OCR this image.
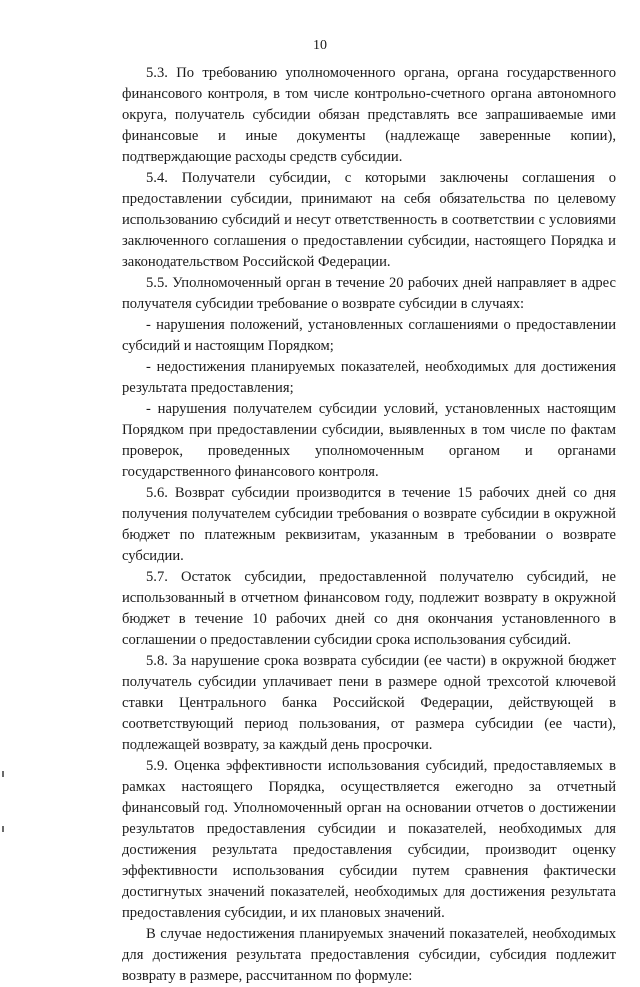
10

5.3. По требованию уполномоченного органа, органа государственного финансового контроля, в том числе контрольно-счетного органа автономного округа, получатель субсидии обязан представлять все запрашиваемые ими финансовые и иные документы (надлежаще заверенные копии), подтверждающие расходы средств субсидии.

5.4. Получатели субсидии, с которыми заключены соглашения о предоставлении субсидии, принимают на себя обязательства по целевому использованию субсидий и несут ответственность в соответствии с условиями заключенного соглашения о предоставлении субсидии, настоящего Порядка и законодательством Российской Федерации.

5.5. Уполномоченный орган в течение 20 рабочих дней направляет в адрес получателя субсидии требование о возврате субсидии в случаях:

- нарушения положений, установленных соглашениями о предоставлении субсидий и настоящим Порядком;

- недостижения планируемых показателей, необходимых для достижения результата предоставления;

- нарушения получателем субсидии условий, установленных настоящим Порядком при предоставлении субсидии, выявленных в том числе по фактам проверок, проведенных уполномоченным органом и органами государственного финансового контроля.

5.6. Возврат субсидии производится в течение 15 рабочих дней со дня получения получателем субсидии требования о возврате субсидии в окружной бюджет по платежным реквизитам, указанным в требовании о возврате субсидии.

5.7. Остаток субсидии, предоставленной получателю субсидий, не использованный в отчетном финансовом году, подлежит возврату в окружной бюджет в течение 10 рабочих дней со дня окончания установленного в соглашении о предоставлении субсидии срока использования субсидий.

5.8. За нарушение срока возврата субсидии (ее части) в окружной бюджет получатель субсидии уплачивает пени в размере одной трехсотой ключевой ставки Центрального банка Российской Федерации, действующей в соответствующий период пользования, от размера субсидии (ее части), подлежащей возврату, за каждый день просрочки.

5.9. Оценка эффективности использования субсидий, предоставляемых в рамках настоящего Порядка, осуществляется ежегодно за отчетный финансовый год. Уполномоченный орган на основании отчетов о достижении результатов предоставления субсидии и показателей, необходимых для достижения результата предоставления субсидии, производит оценку эффективности использования субсидии путем сравнения фактически достигнутых значений показателей, необходимых для достижения результата предоставления субсидии, и их плановых значений.

В случае недостижения планируемых значений показателей, необходимых для достижения результата предоставления субсидии, субсидия подлежит возврату в размере, рассчитанном по формуле:
